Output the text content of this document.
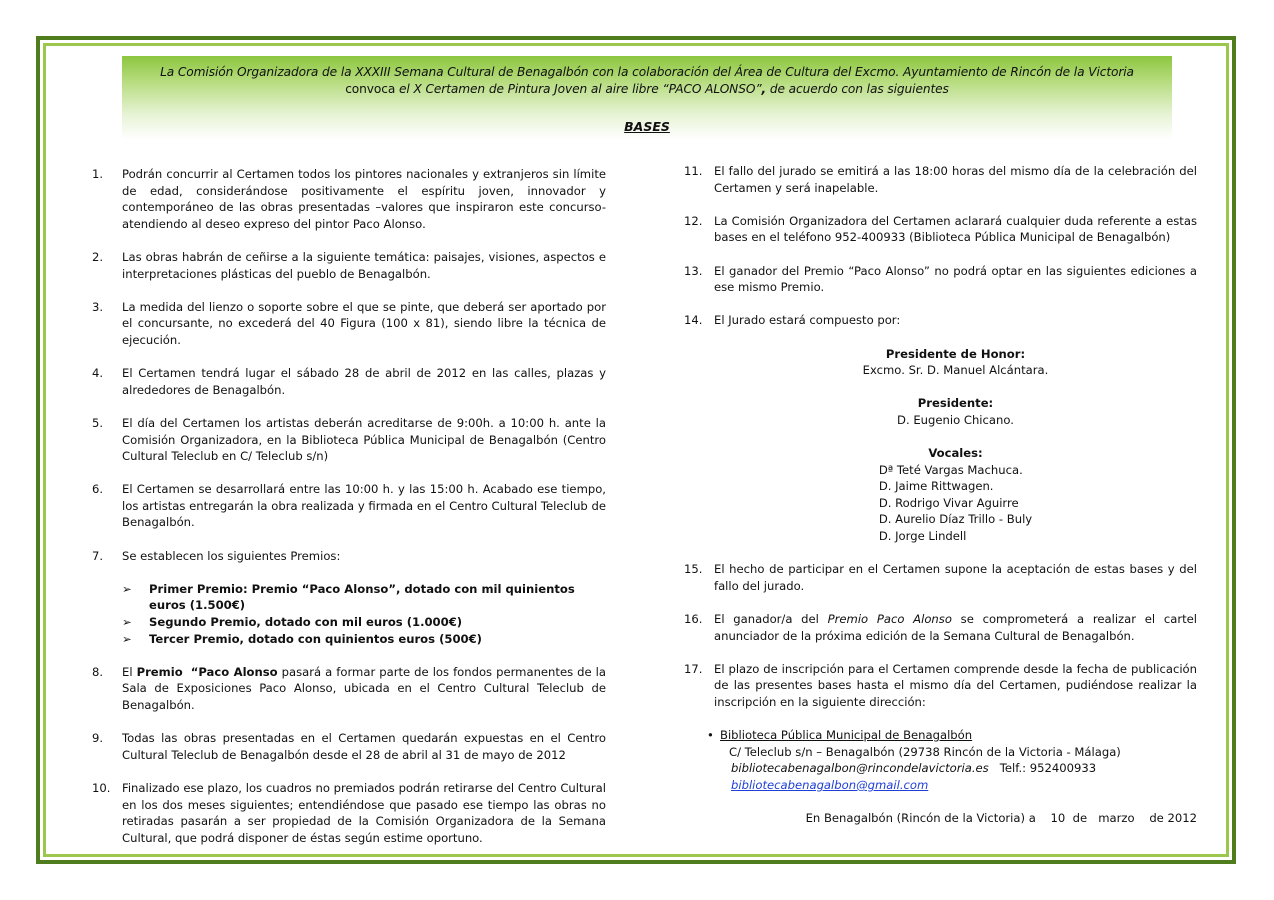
La Comisión Organizadora de la XXXIII Semana Cultural de Benagalbón con la colaboración del Área de Cultura del Excmo. Ayuntamiento de Rincón de la Victoria
convoca el X Certamen de Pintura Joven al aire libre “PACO ALONSO”, de acuerdo con las siguientes
BASES
1. Podrán concurrir al Certamen todos los pintores nacionales y extranjeros sin límite de edad, considerándose positivamente el espíritu joven, innovador y contemporáneo de las obras presentadas –valores que inspiraron este concurso- atendiendo al deseo expreso del pintor Paco Alonso.
2. Las obras habrán de ceñirse a la siguiente temática: paisajes, visiones, aspectos e interpretaciones plásticas del pueblo de Benagalbón.
3. La medida del lienzo o soporte sobre el que se pinte, que deberá ser aportado por el concursante, no excederá del 40 Figura (100 x 81), siendo libre la técnica de ejecución.
4. El Certamen tendrá lugar el sábado 28 de abril de 2012 en las calles, plazas y alrededores de Benagalbón.
5. El día del Certamen los artistas deberán acreditarse de 9:00h. a 10:00 h. ante la Comisión Organizadora, en la Biblioteca Pública Municipal de Benagalbón (Centro Cultural Teleclub en C/ Teleclub s/n)
6. El Certamen se desarrollará entre las 10:00 h. y las 15:00 h. Acabado ese tiempo, los artistas entregarán la obra realizada y firmada en el Centro Cultural Teleclub de Benagalbón.
7. Se establecen los siguientes Premios:
➢ Primer Premio: Premio “Paco Alonso”, dotado con mil quinientos euros (1.500€)
➢ Segundo Premio, dotado con mil euros (1.000€)
➢ Tercer Premio, dotado con quinientos euros (500€)
8. El Premio “Paco Alonso pasará a formar parte de los fondos permanentes de la Sala de Exposiciones Paco Alonso, ubicada en el Centro Cultural Teleclub de Benagalbón.
9. Todas las obras presentadas en el Certamen quedarán expuestas en el Centro Cultural Teleclub de Benagalbón desde el 28 de abril al 31 de mayo de 2012
10. Finalizado ese plazo, los cuadros no premiados podrán retirarse del Centro Cultural en los dos meses siguientes; entendiéndose que pasado ese tiempo las obras no retiradas pasarán a ser propiedad de la Comisión Organizadora de la Semana Cultural, que podrá disponer de éstas según estime oportuno.
11. El fallo del jurado se emitirá a las 18:00 horas del mismo día de la celebración del Certamen y será inapelable.
12. La Comisión Organizadora del Certamen aclarará cualquier duda referente a estas bases en el teléfono 952-400933 (Biblioteca Pública Municipal de Benagalbón)
13. El ganador del Premio “Paco Alonso” no podrá optar en las siguientes ediciones a ese mismo Premio.
14. El Jurado estará compuesto por:
Presidente de Honor:
Excmo. Sr. D. Manuel Alcántara.
Presidente:
D. Eugenio Chicano.
Vocales:
Dª Teté Vargas Machuca.
D. Jaime Rittwagen.
D. Rodrigo Vivar Aguirre
D. Aurelio Díaz Trillo - Buly
D. Jorge Lindell
15. El hecho de participar en el Certamen supone la aceptación de estas bases y del fallo del jurado.
16. El ganador/a del Premio Paco Alonso se comprometerá a realizar el cartel anunciador de la próxima edición de la Semana Cultural de Benagalbón.
17. El plazo de inscripción para el Certamen comprende desde la fecha de publicación de las presentes bases hasta el mismo día del Certamen, pudiéndose realizar la inscripción en la siguiente dirección:
• Biblioteca Pública Municipal de Benagalbón
C/ Teleclub s/n – Benagalbón (29738 Rincón de la Victoria - Málaga)
bibliotecabenagalbon@rincondelavictoria.es   Telf.: 952400933
bibliotecabenagalbon@gmail.com
En Benagalbón (Rincón de la Victoria) a    10  de   marzo    de 2012
